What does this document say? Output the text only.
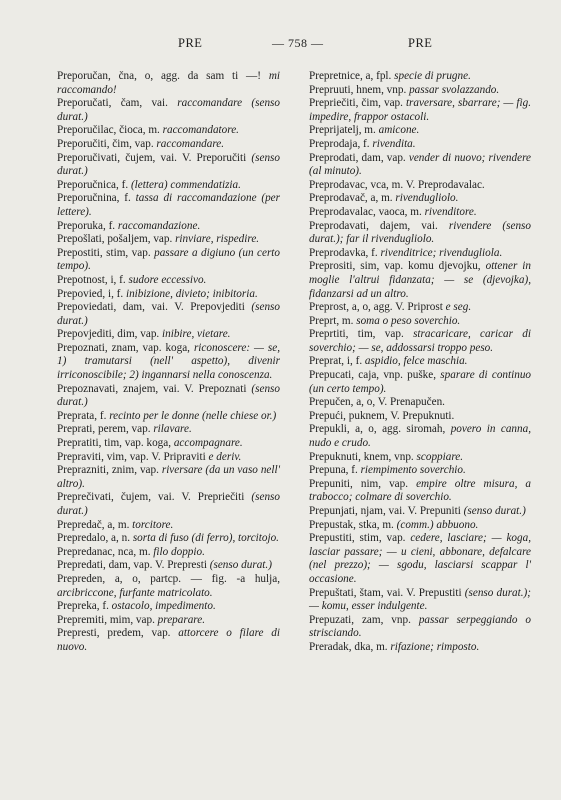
PRE	— 758 —	PRE

Preporučan, čna, o, agg. da sam ti —! mi raccomando!

Preporučati, čam, vai. raccomandare (senso durat.)

Preporučilac, čioca, m. raccomandatore.

Preporučiti, čim, vap. raccomandare.

Preporučivati, čujem, vai. V. Preporučiti (senso durat.)

Preporučnica, f. (lettera) commendatizia.

Preporučnina, f. tassa di raccomandazione (per lettere).

Preporuka, f. raccomandazione.

Prepošlati, pošaljem, vap. rinviare, rispedire.

Prepostiti, stim, vap. passare a digiuno (un certo tempo).

Prepotnost, i, f. sudore eccessivo.

Prepovied, i, f. inibizione, divieto; inibitoria.

Prepoviedati, dam, vai. V. Prepovjediti (senso durat.)

Prepovjediti, dim, vap. inibire, vietare.

Prepoznati, znam, vap. koga, riconoscere: — se, 1) tramutarsi (nell' aspetto), divenir irriconoscibile; 2) ingannarsi nella conoscenza.

Prepoznavati, znajem, vai. V. Prepoznati (senso durat.)

Preprata, f. recinto per le donne (nelle chiese or.)

Preprati, perem, vap. rilavare.

Prepratiti, tim, vap. koga, accompagnare.

Prepraviti, vim, vap. V. Pripraviti e deriv.

Preprazniti, znim, vap. riversare (da un vaso nell' altro).

Preprečivati, čujem, vai. V. Prepriečiti (senso durat.)

Prepredač, a, m. torcitore.

Prepredalo, a, n. sorta di fuso (di ferro), torcitojo.

Prepredanac, nca, m. filo doppio.

Prepredati, dam, vap. V. Prepresti (senso durat.)

Prepreden, a, o, partcp. — fig. -a hulja, arcibriccone, furfante matricolato.

Prepreka, f. ostacolo, impedimento.

Prepremiti, mim, vap. preparare.

Prepresti, predem, vap. attorcere o filare di nuovo.

Prepretnice, a, fpl. specie di prugne.

Prepruuti, hnem, vnp. passar svolazzando.

Prepriečiti, čim, vap. traversare, sbarrare; — fig. impedire, frappor ostacoli.

Preprijatelj, m. amicone.

Preprodaja, f. rivendita.

Preprodati, dam, vap. vender di nuovo; rivendere (al minuto).

Preprodavac, vca, m. V. Preprodavalac.

Preprodavač, a, m. rivendugliolo.

Preprodavalac, vaoca, m. rivenditore.

Preprodavati, dajem, vai. rivendere (senso durat.); far il rivendugliolo.

Preprodavka, f. rivenditrice; rivendugliola.

Preprositi, sim, vap. komu djevojku, ottener in moglie l'altrui fidanzata; — se (djevojka), fidanzarsi ad un altro.

Preprost, a, o, agg. V. Priprost e seg.

Preprt, m. soma o peso soverchio.

Preprtiti, tim, vap. stracaricare, caricar di soverchio; — se, addossarsi troppo peso.

Preprat, i, f. aspidio, felce maschia.

Prepucati, caja, vnp. puške, sparare di continuo (un certo tempo).

Prepučen, a, o, V. Prenapučen.

Prepući, puknem, V. Prepuknuti.

Prepukli, a, o, agg. siromah, povero in canna, nudo e crudo.

Prepuknuti, knem, vnp. scoppiare.

Prepuna, f. riempimento soverchio.

Prepuniti, nim, vap. empire oltre misura, a trabocco; colmare di soverchio.

Prepunjati, njam, vai. V. Prepuniti (senso durat.)

Prepustak, stka, m. (comm.) abbuono.

Prepustiti, stim, vap. cedere, lasciare; — koga, lasciar passare; — u cieni, abbonare, defalcare (nel prezzo); — sgodu, lasciarsi scappar l' occasione.

Prepuštati, štam, vai. V. Prepustiti (senso durat.); — komu, esser indulgente.

Prepuzati, zam, vnp. passar serpeggiando o strisciando.

Preradak, dka, m. rifazione; rimposto.
